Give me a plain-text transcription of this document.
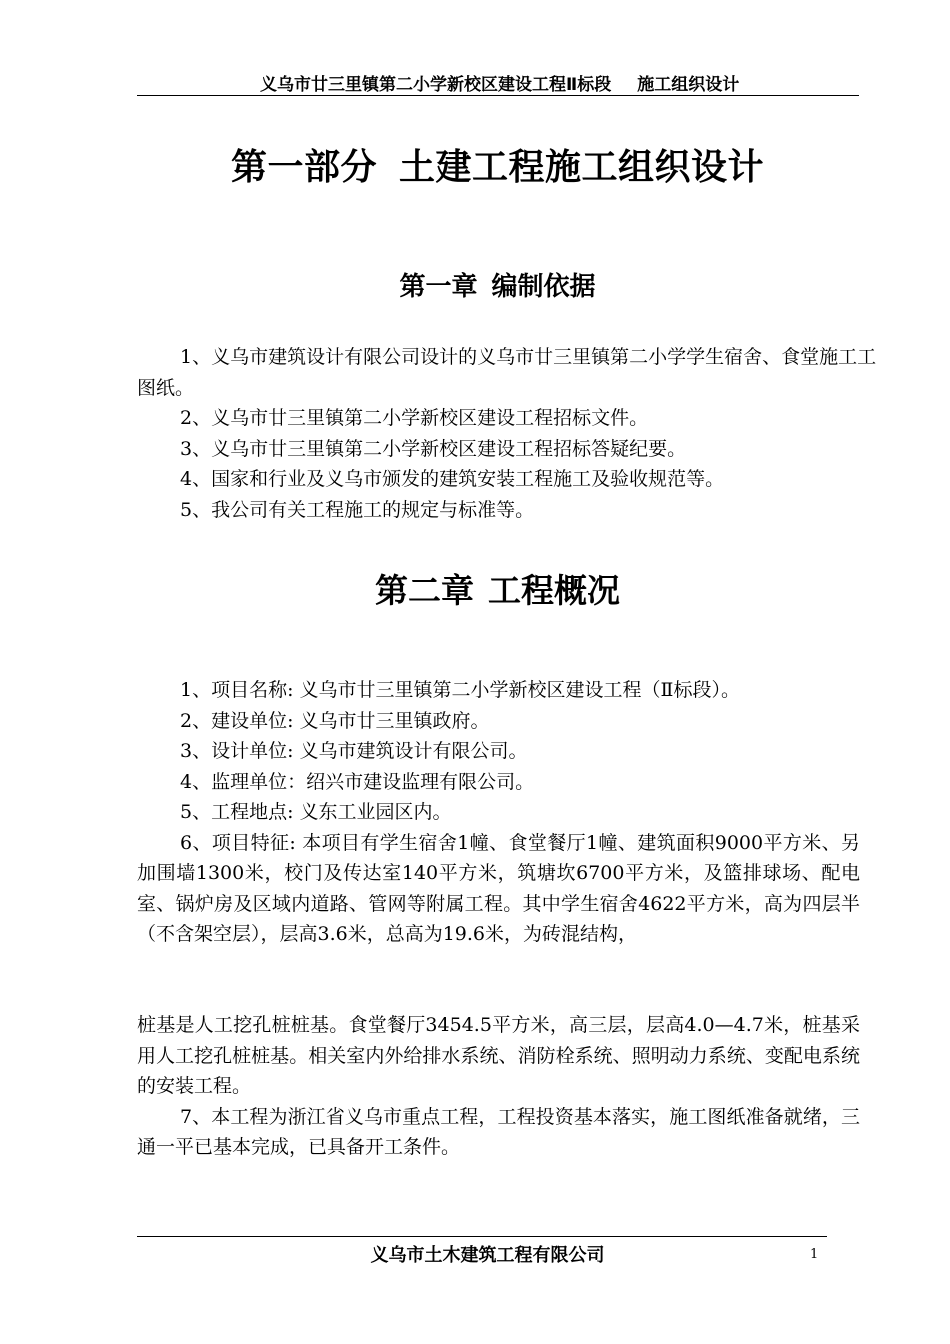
义乌市廿三里镇第二小学新校区建设工程Ⅱ标段 施工组织设计
第一部分 土建工程施工组织设计
第一章 编制依据

1、义乌市建筑设计有限公司设计的义乌市廿三里镇第二小学学生宿舍、食堂施工工图纸。

2、义乌市廿三里镇第二小学新校区建设工程招标文件。

3、义乌市廿三里镇第二小学新校区建设工程招标答疑纪要。

4、国家和行业及义乌市颁发的建筑安装工程施工及验收规范等。

5、我公司有关工程施工的规定与标准等。

第二章 工程概况

1、项目名称: 义乌市廿三里镇第二小学新校区建设工程（Ⅱ标段）。

2、建设单位: 义乌市廿三里镇政府。

3、设计单位: 义乌市建筑设计有限公司。

4、监理单位：绍兴市建设监理有限公司。

5、工程地点: 义东工业园区内。

6、项目特征: 本项目有学生宿舍1幢、食堂餐厅1幢、建筑面积9000平方米、另加围墙1300米，校门及传达室140平方米，筑塘坎6700平方米，及篮排球场、配电室、锅炉房及区域内道路、管网等附属工程。其中学生宿舍4622平方米，高为四层半（不含架空层），层高3.6米，总高为19.6米，为砖混结构，

桩基是人工挖孔桩桩基。食堂餐厅3454.5平方米，高三层，层高4.0—4.7米，桩基采用人工挖孔桩桩基。相关室内外给排水系统、消防栓系统、照明动力系统、变配电系统的安装工程。

7、本工程为浙江省义乌市重点工程，工程投资基本落实，施工图纸准备就绪，三通一平已基本完成，已具备开工条件。

义乌市土木建筑工程有限公司	1
